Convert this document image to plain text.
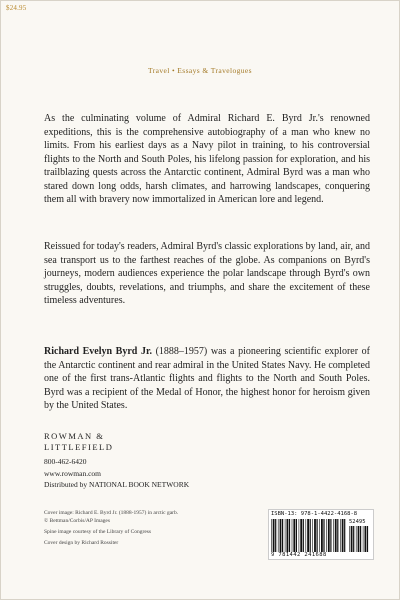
$24.95
Travel • Essays & Travelogues

As the culminating volume of Admiral Richard E. Byrd Jr.'s renowned expeditions, this is the comprehensive autobiography of a man who knew no limits. From his earliest days as a Navy pilot in training, to his controversial flights to the North and South Poles, his lifelong passion for exploration, and his trailblazing quests across the Antarctic continent, Admiral Byrd was a man who stared down long odds, harsh climates, and harrowing landscapes, conquering them all with bravery now immortalized in American lore and legend.

Reissued for today's readers, Admiral Byrd's classic explorations by land, air, and sea transport us to the farthest reaches of the globe. As companions on Byrd's journeys, modern audiences experience the polar landscape through Byrd's own struggles, doubts, revelations, and triumphs, and share the excitement of these timeless adventures.

Richard Evelyn Byrd Jr. (1888–1957) was a pioneering scientific explorer of the Antarctic continent and rear admiral in the United States Navy. He completed one of the first trans-Atlantic flights and flights to the North and South Poles. Byrd was a recipient of the Medal of Honor, the highest honor for heroism given by the United States.

ROWMAN &
LITTLEFIELD
800-462-6420
www.rowman.com
Distributed by NATIONAL BOOK NETWORK
Cover image: Richard E. Byrd Jr. (1888-1957) in arctic garb.
© Bettman/Corbis/AP Images
Spine image courtesy of the Library of Congress
Cover design by Richard Rossiter
ISBN-13: 978-1-4422-4168-8
52495
9 781442 241688
